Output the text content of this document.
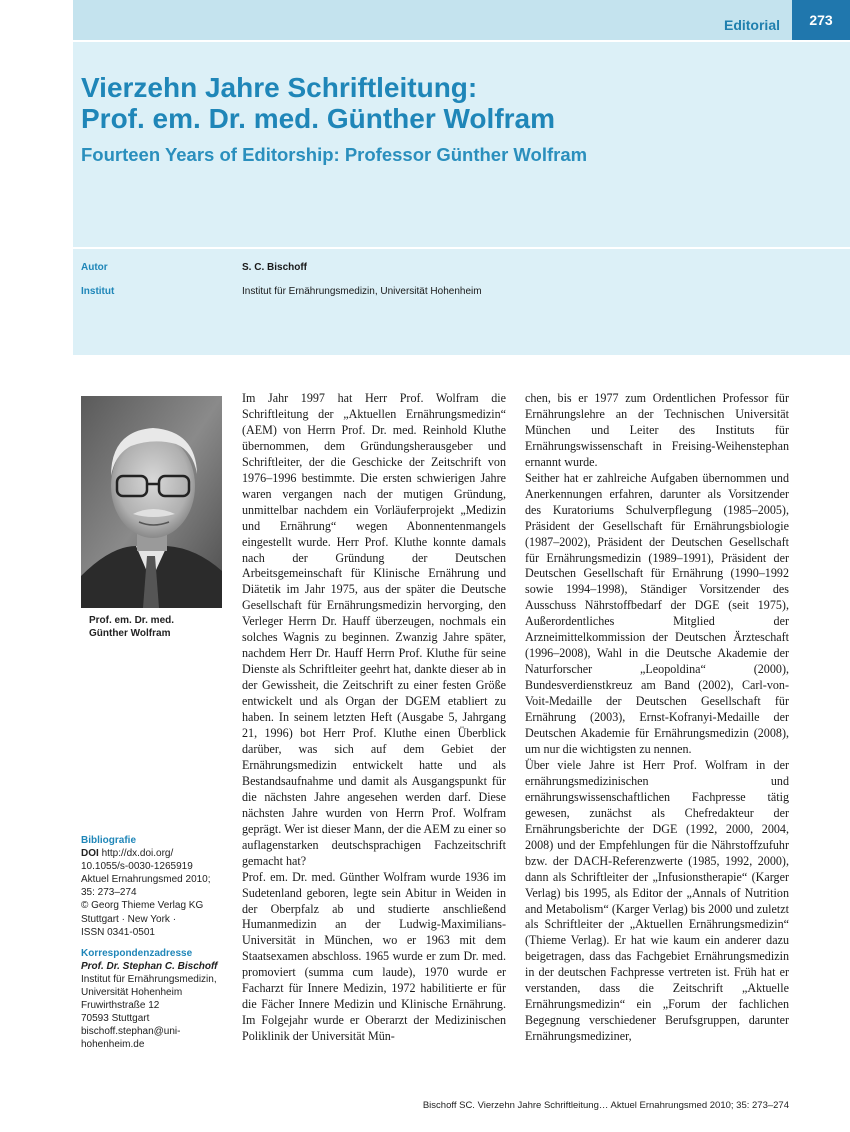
Editorial	273
Vierzehn Jahre Schriftleitung:
Prof. em. Dr. med. Günther Wolfram
Fourteen Years of Editorship: Professor Günther Wolfram
Autor	S. C. Bischoff
Institut	Institut für Ernährungsmedizin, Universität Hohenheim
Prof. em. Dr. med.
Günther Wolfram
Bibliografie
DOI http://dx.doi.org/
10.1055/s-0030-1265919
Aktuel Ernahrungsmed 2010;
35: 273–274
© Georg Thieme Verlag KG
Stuttgart · New York ·
ISSN 0341-0501
Korrespondenzadresse
Prof. Dr. Stephan C. Bischoff
Institut für Ernährungsmedizin,
Universität Hohenheim
Fruwirthstraße 12
70593 Stuttgart
bischoff.stephan@uni-
hohenheim.de

Im Jahr 1997 hat Herr Prof. Wolfram die Schriftleitung der „Aktuellen Ernährungsmedizin“ (AEM) von Herrn Prof. Dr. med. Reinhold Kluthe übernommen, dem Gründungsherausgeber und Schriftleiter, der die Geschicke der Zeitschrift von 1976–1996 bestimmte. Die ersten schwierigen Jahre waren vergangen nach der mutigen Gründung, unmittelbar nachdem ein Vorläuferprojekt „Medizin und Ernährung“ wegen Abonnentenmangels eingestellt wurde. Herr Prof. Kluthe konnte damals nach der Gründung der Deutschen Arbeitsgemeinschaft für Klinische Ernährung und Diätetik im Jahr 1975, aus der später die Deutsche Gesellschaft für Ernährungsmedizin hervorging, den Verleger Herrn Dr. Hauff überzeugen, nochmals ein solches Wagnis zu beginnen. Zwanzig Jahre später, nachdem Herr Dr. Hauff Herrn Prof. Kluthe für seine Dienste als Schriftleiter geehrt hat, dankte dieser ab in der Gewissheit, die Zeitschrift zu einer festen Größe entwickelt und als Organ der DGEM etabliert zu haben. In seinem letzten Heft (Ausgabe 5, Jahrgang 21, 1996) bot Herr Prof. Kluthe einen Überblick darüber, was sich auf dem Gebiet der Ernährungsmedizin entwickelt hatte und als Bestandsaufnahme und damit als Ausgangspunkt für die nächsten Jahre angesehen werden darf. Diese nächsten Jahre wurden von Herrn Prof. Wolfram geprägt. Wer ist dieser Mann, der die AEM zu einer so auflagenstarken deutschsprachigen Fachzeitschrift gemacht hat?

Prof. em. Dr. med. Günther Wolfram wurde 1936 im Sudetenland geboren, legte sein Abitur in Weiden in der Oberpfalz ab und studierte anschließend Humanmedizin an der Ludwig-Maximilians-Universität in München, wo er 1963 mit dem Staatsexamen abschloss. 1965 wurde er zum Dr. med. promoviert (summa cum laude), 1970 wurde er Facharzt für Innere Medizin, 1972 habilitierte er für die Fächer Innere Medizin und Klinische Ernährung. Im Folgejahr wurde er Oberarzt der Medizinischen Poliklinik der Universität Mün-

chen, bis er 1977 zum Ordentlichen Professor für Ernährungslehre an der Technischen Universität München und Leiter des Instituts für Ernährungswissenschaft in Freising-Weihenstephan ernannt wurde.

Seither hat er zahlreiche Aufgaben übernommen und Anerkennungen erfahren, darunter als Vorsitzender des Kuratoriums Schulverpflegung (1985–2005), Präsident der Gesellschaft für Ernährungsbiologie (1987–2002), Präsident der Deutschen Gesellschaft für Ernährungsmedizin (1989–1991), Präsident der Deutschen Gesellschaft für Ernährung (1990–1992 sowie 1994–1998), Ständiger Vorsitzender des Ausschuss Nährstoffbedarf der DGE (seit 1975), Außerordentliches Mitglied der Arzneimittelkommission der Deutschen Ärzteschaft (1996–2008), Wahl in die Deutsche Akademie der Naturforscher „Leopoldina“ (2000), Bundesverdienstkreuz am Band (2002), Carl-von-Voit-Medaille der Deutschen Gesellschaft für Ernährung (2003), Ernst-Kofranyi-Medaille der Deutschen Akademie für Ernährungsmedizin (2008), um nur die wichtigsten zu nennen.

Über viele Jahre ist Herr Prof. Wolfram in der ernährungsmedizinischen und ernährungswissenschaftlichen Fachpresse tätig gewesen, zunächst als Chefredakteur der Ernährungsberichte der DGE (1992, 2000, 2004, 2008) und der Empfehlungen für die Nährstoffzufuhr bzw. der DACH-Referenzwerte (1985, 1992, 2000), dann als Schriftleiter der „Infusionstherapie“ (Karger Verlag) bis 1995, als Editor der „Annals of Nutrition and Metabolism“ (Karger Verlag) bis 2000 und zuletzt als Schriftleiter der „Aktuellen Ernährungsmedizin“ (Thieme Verlag). Er hat wie kaum ein anderer dazu beigetragen, dass das Fachgebiet Ernährungsmedizin in der deutschen Fachpresse vertreten ist. Früh hat er verstanden, dass die Zeitschrift „Aktuelle Ernährungsmedizin“ ein „Forum der fachlichen Begegnung verschiedener Berufsgruppen, darunter Ernährungsmediziner,

Bischoff SC. Vierzehn Jahre Schriftleitung… Aktuel Ernahrungsmed 2010; 35: 273–274
